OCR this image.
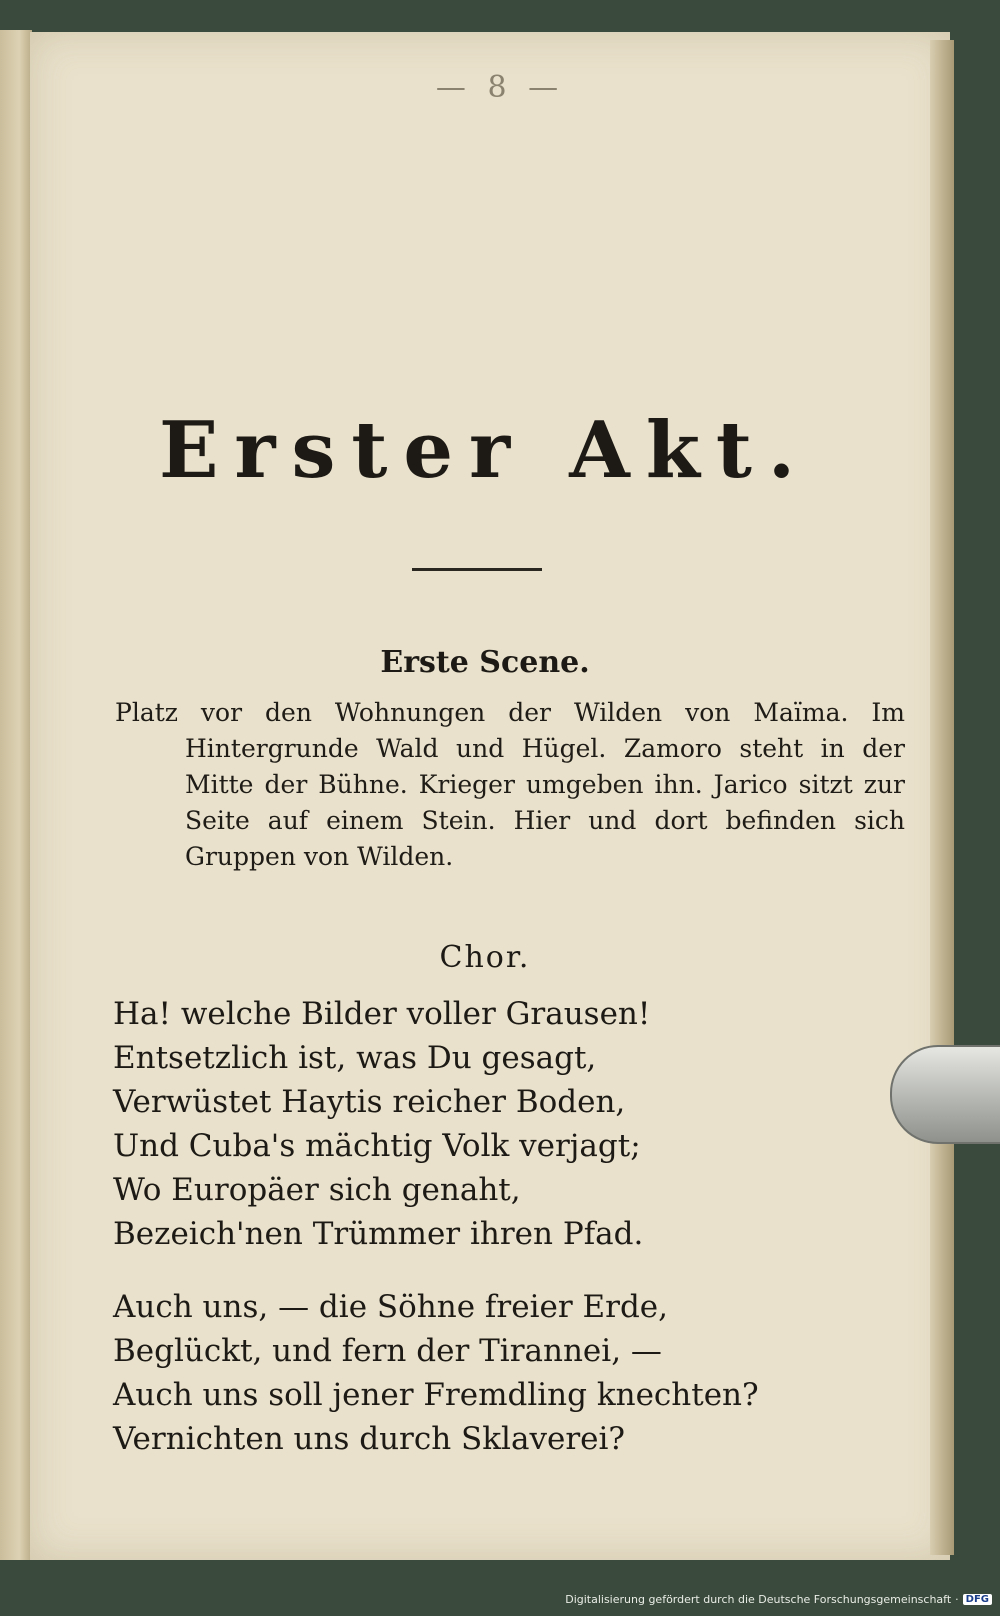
— 8 —
Erster Akt.
Erste Scene.
Platz vor den Wohnungen der Wilden von Maïma. Im Hintergrunde Wald und Hügel. Zamoro steht in der Mitte der Bühne. Krieger umgeben ihn. Jarico sitzt zur Seite auf einem Stein. Hier und dort befinden sich Gruppen von Wilden.
Chor.
Ha! welche Bilder voller Grausen!
Entsetzlich ist, was Du gesagt,
Verwüstet Haytis reicher Boden,
Und Cuba's mächtig Volk verjagt;
Wo Europäer sich genaht,
Bezeich'nen Trümmer ihren Pfad.
Auch uns, — die Söhne freier Erde,
Beglückt, und fern der Tirannei, —
Auch uns soll jener Fremdling knechten?
Vernichten uns durch Sklaverei?
Digitalisierung gefördert durch die Deutsche Forschungsgemeinschaft · DFG
